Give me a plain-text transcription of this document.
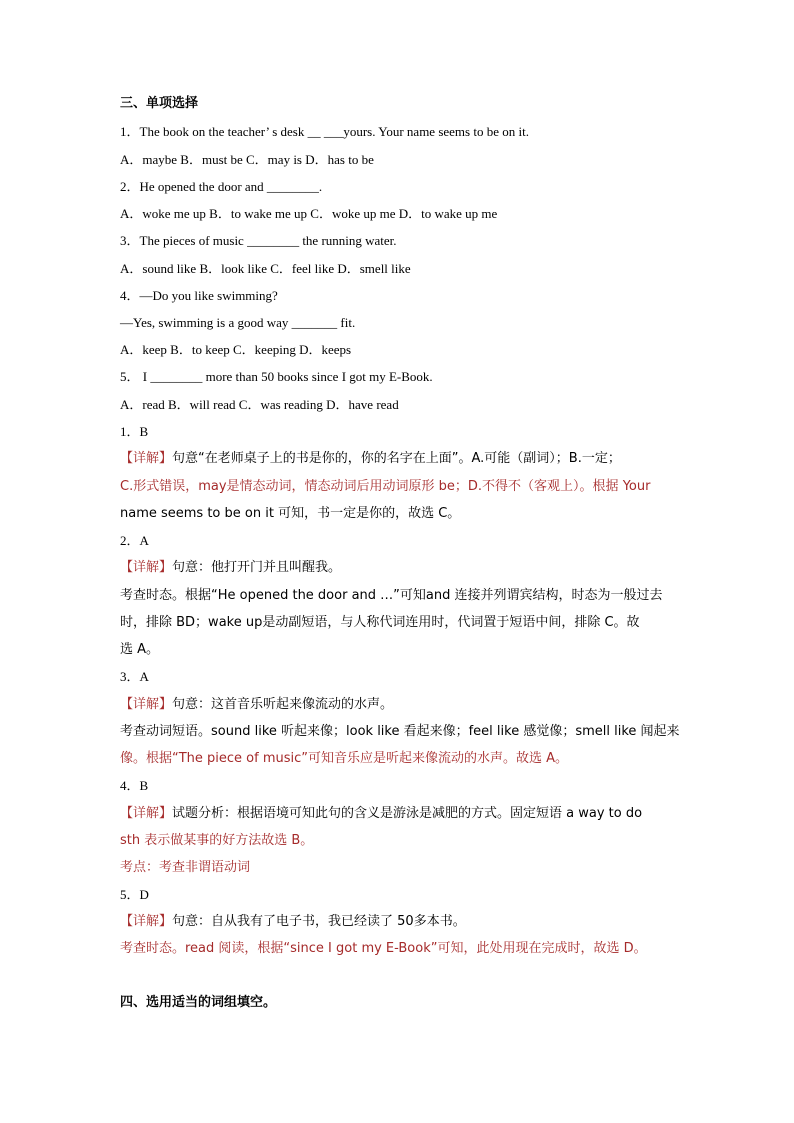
三、单项选择
1．The book on the teacher’ s desk __ ___yours. Your name seems to be on it.
A．maybe B．must be C．may is D．has to be
2．He opened the door and ________.
A．woke me up B．to wake me up C．woke up me D．to wake up me
3．The pieces of music ________ the running water.
A．sound like B．look like C．feel like D．smell like
4．—Do you like swimming?
—Yes, swimming is a good way _______ fit.
A．keep B．to keep C．keeping D．keeps
5． I ________ more than 50 books since I got my E-Book.
A．read B．will read C．was reading D．have read
1．B
【详解】句意“在老师桌子上的书是你的，你的名字在上面”。A.可能（副词）；B.一定；
C.形式错误，may是情态动词，情态动词后用动词原形 be；D.不得不（客观上）。根据 Your
name seems to be on it 可知，书一定是你的，故选 C。
2．A
【详解】句意：他打开门并且叫醒我。
考查时态。根据“He opened the door and …”可知and 连接并列谓宾结构，时态为一般过去
时，排除 BD；wake up是动副短语，与人称代词连用时，代词置于短语中间，排除 C。故
选 A。
3．A
【详解】句意：这首音乐听起来像流动的水声。
考查动词短语。sound like 听起来像；look like 看起来像；feel like 感觉像；smell like 闻起来
像。根据“The piece of music”可知音乐应是听起来像流动的水声。故选 A。
4．B
【详解】试题分析：根据语境可知此句的含义是游泳是减肥的方式。固定短语 a way to do
sth 表示做某事的好方法故选 B。
考点：考查非谓语动词
5．D
【详解】句意：自从我有了电子书，我已经读了 50多本书。
考查时态。read 阅读，根据“since I got my E-Book”可知，此处用现在完成时，故选 D。
四、选用适当的词组填空。
